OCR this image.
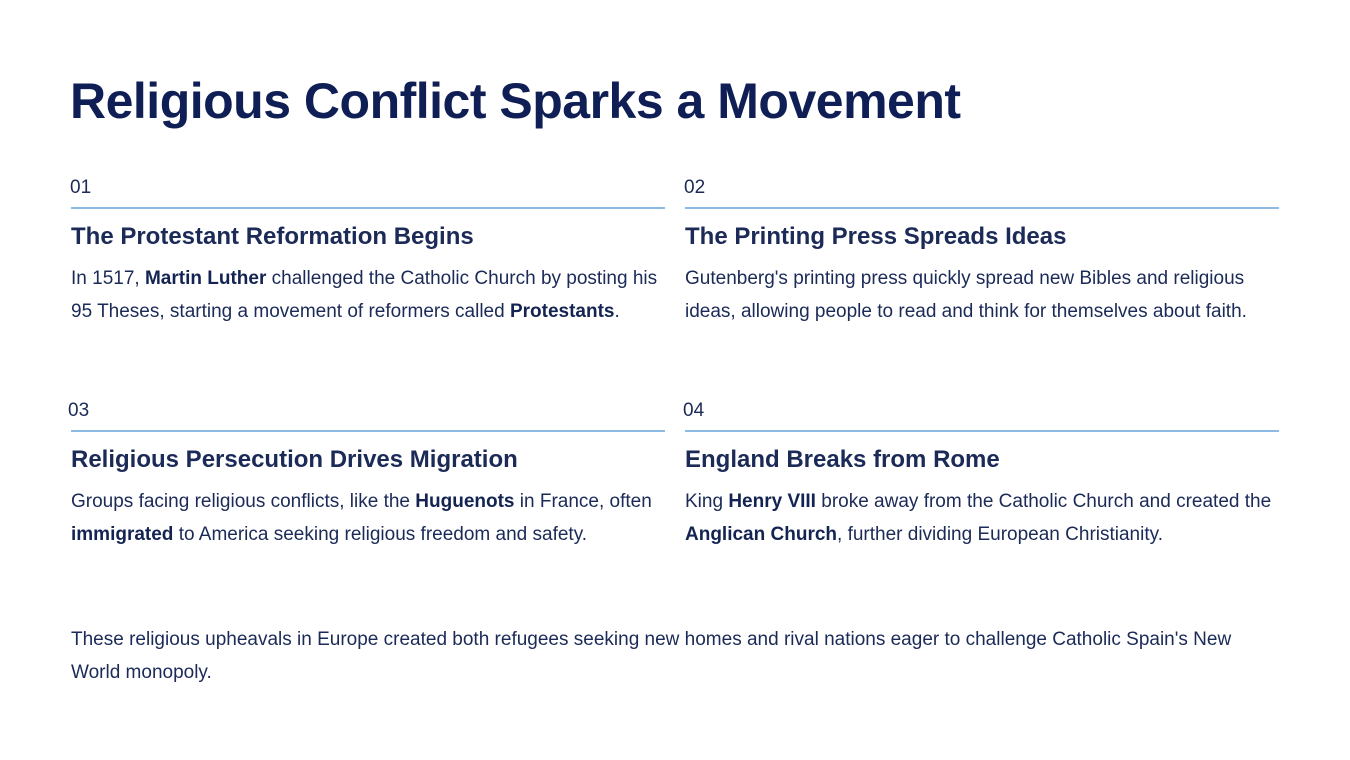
Religious Conflict Sparks a Movement
01
The Protestant Reformation Begins
In 1517, Martin Luther challenged the Catholic Church by posting his 95 Theses, starting a movement of reformers called Protestants.
02
The Printing Press Spreads Ideas
Gutenberg's printing press quickly spread new Bibles and religious ideas, allowing people to read and think for themselves about faith.
03
Religious Persecution Drives Migration
Groups facing religious conflicts, like the Huguenots in France, often immigrated to America seeking religious freedom and safety.
04
England Breaks from Rome
King Henry VIII broke away from the Catholic Church and created the Anglican Church, further dividing European Christianity.

These religious upheavals in Europe created both refugees seeking new homes and rival nations eager to challenge Catholic Spain's New World monopoly.
